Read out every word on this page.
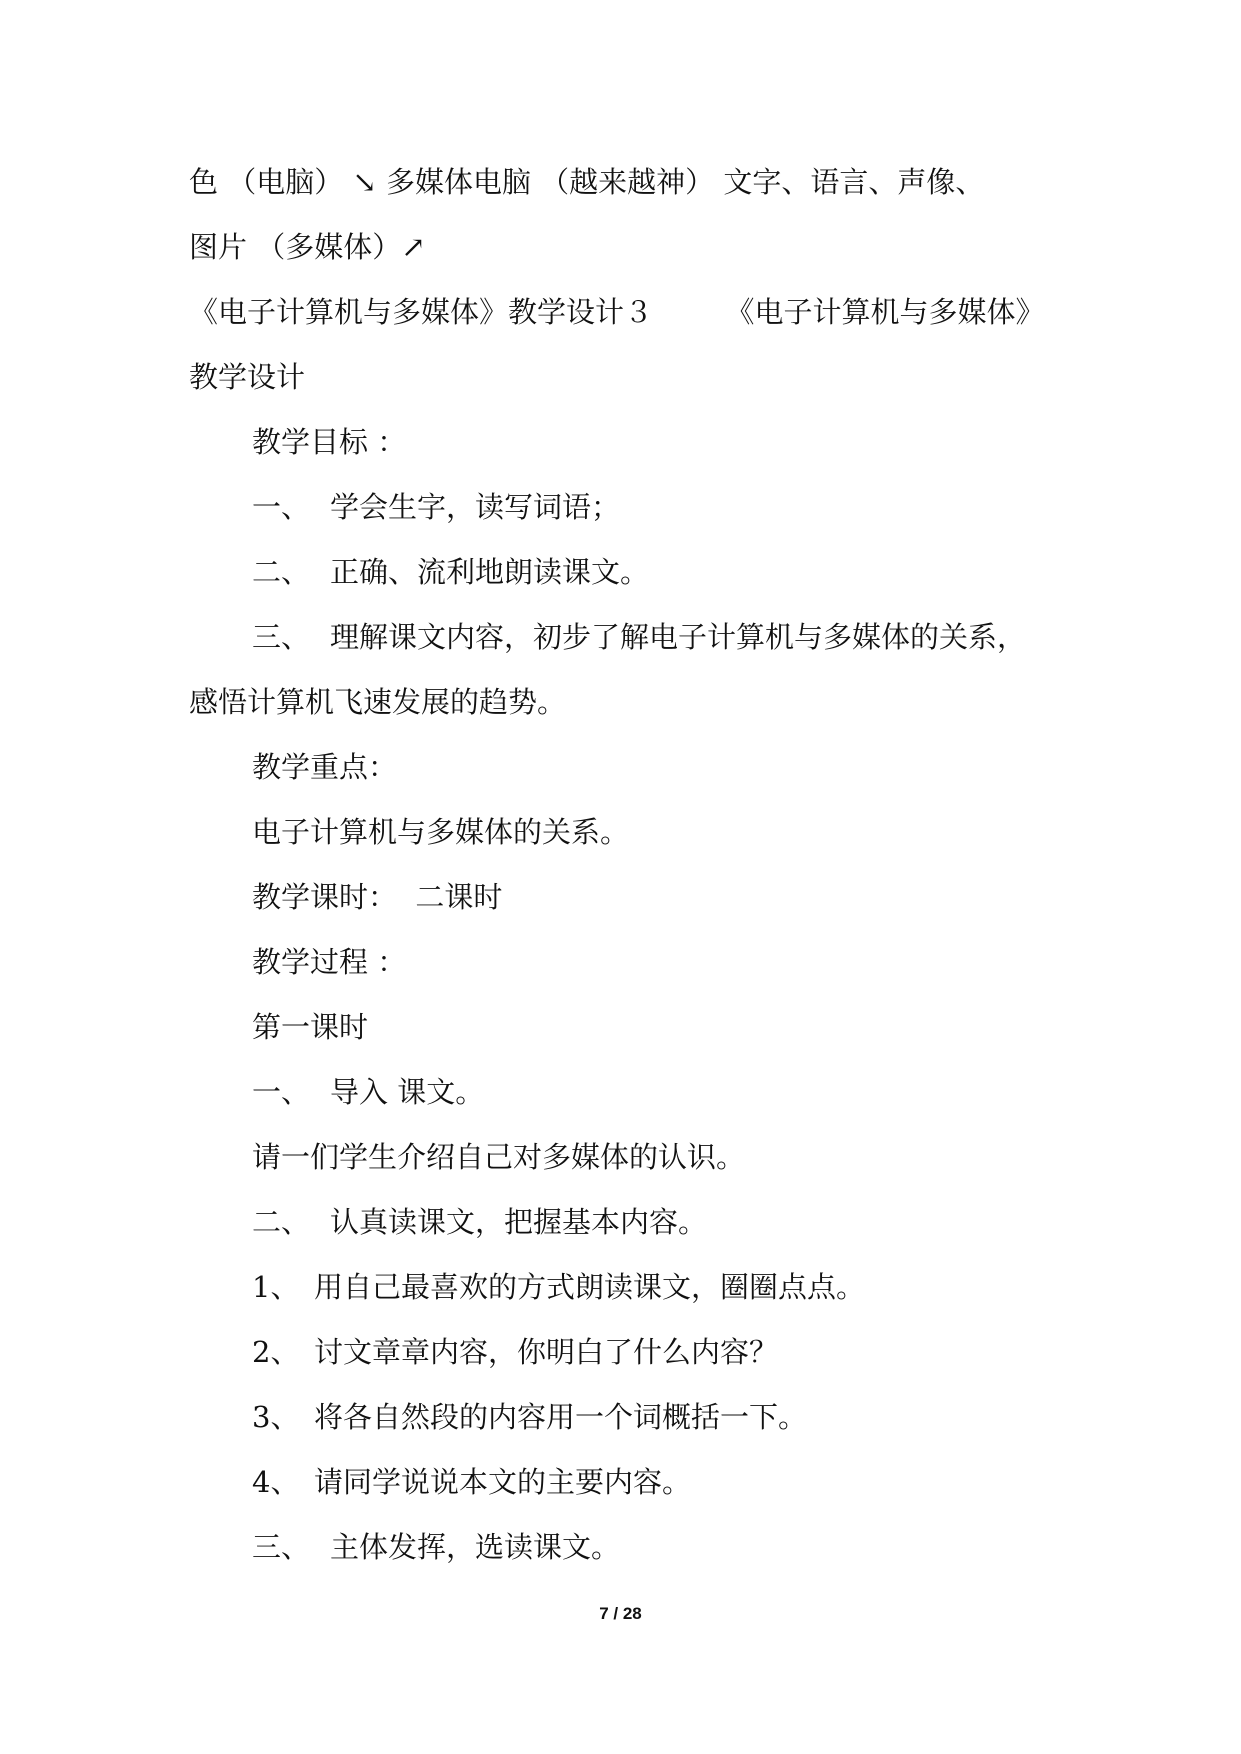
色 （电脑） ↘ 多媒体电脑 （越来越神） 文字、语言、声像、
图片 （多媒体）↗
《电子计算机与多媒体》教学设计３　　　《电子计算机与多媒体》
教学设计
教学目标 ：
一、 学会生字，读写词语；
二、 正确、流利地朗读课文。
三、 理解课文内容，初步了解电子计算机与多媒体的关系，
感悟计算机飞速发展的趋势。
教学重点：
电子计算机与多媒体的关系。
教学课时：  二课时
教学过程 ：
第一课时
一、 导入 课文。
请一们学生介绍自己对多媒体的认识。
二、 认真读课文，把握基本内容。
1、 用自己最喜欢的方式朗读课文，圈圈点点。
2、 讨文章章内容，你明白了什么内容？
3、 将各自然段的内容用一个词概括一下。
4、 请同学说说本文的主要内容。
三、 主体发挥，选读课文。
7 / 28
